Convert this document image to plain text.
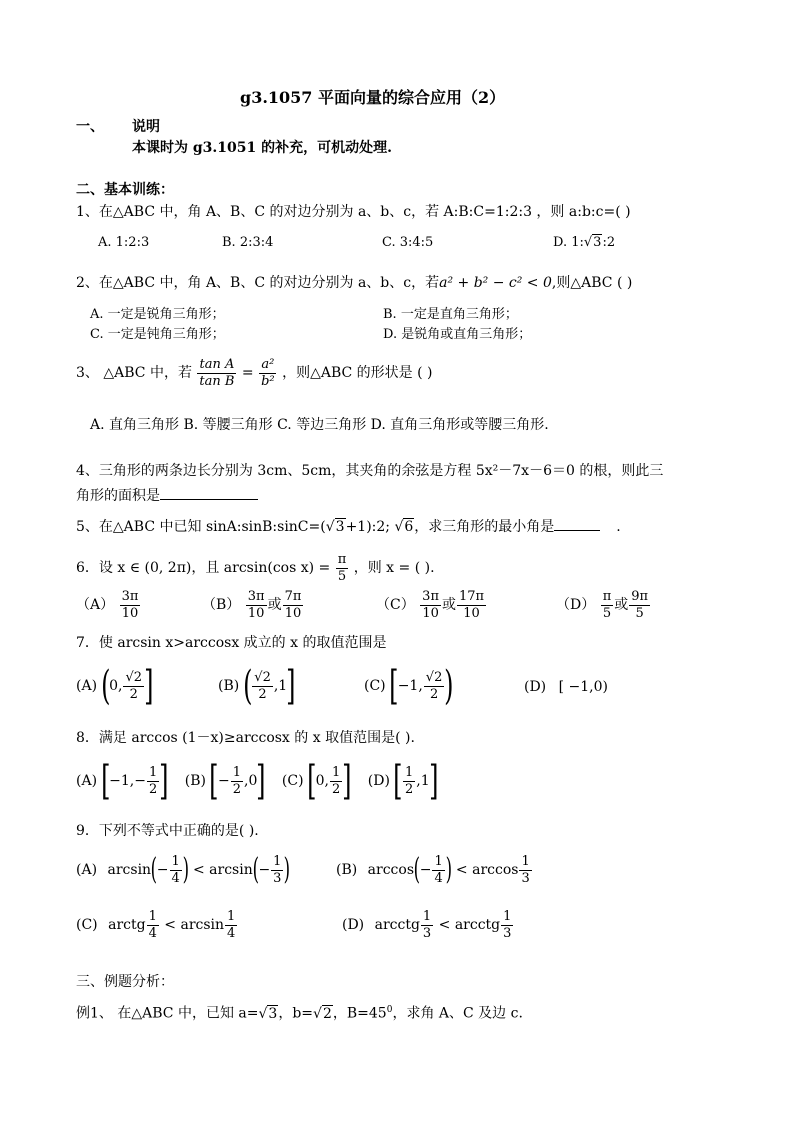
g3.1057 平面向量的综合应用（2）
一、 说明
本课时为 g3.1051 的补充，可机动处理.
二、基本训练：
1、在△ABC 中，角 A、B、C 的对边分别为 a、b、c，若 A:B:C=1:2:3 ，则 a:b:c=( )
A. 1:2:3	B. 2:3:4	C. 3:4:5	D. 1:√3:2
2、在△ABC 中，角 A、B、C 的对边分别为 a、b、c，若a² + b² − c² < 0,则△ABC ( )
A. 一定是锐角三角形；	B. 一定是直角三角形；
C. 一定是钝角三角形；	D. 是锐角或直角三角形；
3、 △ABC 中，若 $\frac{\text{tan A}}{\text{tan B}} = \frac{\text{a²}}{\text{b²}}$ ，则△ABC 的形状是 ( )
A. 直角三角形 B. 等腰三角形 C. 等边三角形 D. 直角三角形或等腰三角形.
4、三角形的两条边长分别为 3cm、5cm，其夹角的余弦是方程 5x²－7x－6＝0 的根，则此三
角形的面积是
5、在△ABC 中已知 sinA:sinB:sinC=(√3+1):2; √6，求三角形的最小角是	.
6．设 x ∈ (0, 2π)，且 arcsin(cos $x) = \frac{\pi}{5}$ ，则 x = ( ).
$(A) \frac{3\pi}{10}$	$(B) \frac{3\pi}{10}$ 或 $\frac{7\pi}{10}$	$(C) \frac{3\pi}{10}$ 或 $\frac{17\pi}{10}$	$(D) \frac{\pi}{5}$ 或 $\frac{9\pi}{5}$
7．使 arcsin x>arccosx 成立的 x 的取值范围是
(A) (0, $\frac{√2}{2}$ ]	(B) ( $\frac{√2}{2} ,1$]	(C) [−1, $\frac{√2}{2}$ )	(D) [ −1,0)
8．满足 arccos (1－x)≥arccosx 的 x 取值范围是( ).
(A) [$-1,- \frac{1}{2}$ ] (B) [− $\frac{1}{2} ,0$] (C) [0, $\frac{1}{2}$ ] (D) [ $\frac{1}{2} ,1$]
9．下列不等式中正确的是( ).
(A) $\arcsin(- \frac{1}{4}$ ) < $\arcsin(- \frac{1}{3}$ )	(B) $\arccos(- \frac{1}{4}$ ) < $\arccos \frac{1}{3}$
(C) arctg $\frac{1}{4} < \arcsin \frac{1}{4}$	(D) arcctg $\frac{1}{3}$ < arcctg $\frac{1}{3}$
三、例题分析：
例1、 在△ABC 中，已知 a=√3，b=√2，$B=45^0$，求角 A、C 及边 c.
